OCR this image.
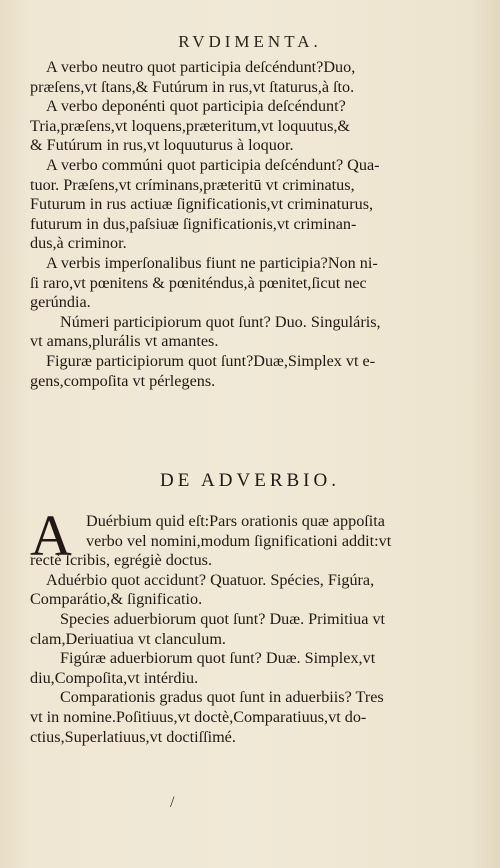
RVDIMENTA.
A verbo neutro quot participia deſcéndunt?Duo,
præſens,vt ſtans,& Futúrum in rus,vt ſtaturus,à ſto.
A verbo deponénti quot participia deſcéndunt?
Tria,præſens,vt loquens,præteritum,vt loquutus,&
& Futúrum in rus,vt loquuturus à loquor.
A verbo commúni quot participia deſcéndunt? Qua-
tuor. Præſens,vt críminans,præteritū vt criminatus,
Futurum in rus actiuæ ſignificationis,vt criminaturus,
futurum in dus,paſsiuæ ſignificationis,vt criminan-
dus,à criminor.
A verbis imperſonalibus fiunt ne participia?Non ni-
ſi raro,vt pœnitens & pœniténdus,à pœnitet,ſicut nec
gerúndia.
Númeri participiorum quot ſunt? Duo. Singuláris,
vt amans,plurális vt amantes.
Figuræ participiorum quot ſunt?Duæ,Simplex vt e-
gens,compoſita vt pérlegens.
DE ADVERBIO.
A Duérbium quid eſt:Pars orationis quæ appoſita
verbo vel nomini,modum ſignificationi addit:vt
rectè ſcribis, egrégiè doctus.
Aduérbio quot accidunt? Quatuor. Spécies, Figúra,
Comparátio,& ſignificatio.
Species aduerbiorum quot ſunt? Duæ. Primitiua vt
clam,Deriuatiua vt clanculum.
Figúræ aduerbiorum quot ſunt? Duæ. Simplex,vt
diu,Compoſita,vt intérdiu.
Comparationis gradus quot ſunt in aduerbiis? Tres
vt in nomine.Poſitiuus,vt doctè,Comparatiuus,vt do-
ctius,Superlatiuus,vt doctiſſimé.
/
